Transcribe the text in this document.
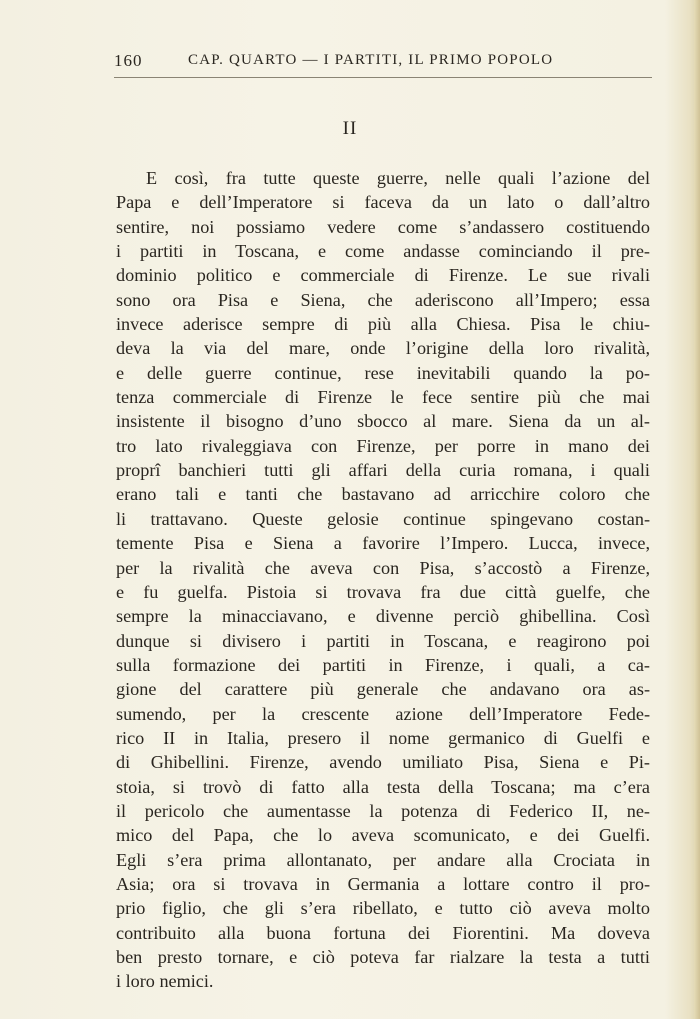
160	CAP. QUARTO — I PARTITI, IL PRIMO POPOLO
II
E così, fra tutte queste guerre, nelle quali l’azione del
Papa e dell’Imperatore si faceva da un lato o dall’altro
sentire, noi possiamo vedere come s’andassero costituendo
i partiti in Toscana, e come andasse cominciando il pre-
dominio politico e commerciale di Firenze. Le sue rivali
sono ora Pisa e Siena, che aderiscono all’Impero; essa
invece aderisce sempre di più alla Chiesa. Pisa le chiu-
deva la via del mare, onde l’origine della loro rivalità,
e delle guerre continue, rese inevitabili quando la po-
tenza commerciale di Firenze le fece sentire più che mai
insistente il bisogno d’uno sbocco al mare. Siena da un al-
tro lato rivaleggiava con Firenze, per porre in mano dei
proprî banchieri tutti gli affari della curia romana, i quali
erano tali e tanti che bastavano ad arricchire coloro che
li trattavano. Queste gelosie continue spingevano costan-
temente Pisa e Siena a favorire l’Impero. Lucca, invece,
per la rivalità che aveva con Pisa, s’accostò a Firenze,
e fu guelfa. Pistoia si trovava fra due città guelfe, che
sempre la minacciavano, e divenne perciò ghibellina. Così
dunque si divisero i partiti in Toscana, e reagirono poi
sulla formazione dei partiti in Firenze, i quali, a ca-
gione del carattere più generale che andavano ora as-
sumendo, per la crescente azione dell’Imperatore Fede-
rico II in Italia, presero il nome germanico di Guelfi e
di Ghibellini. Firenze, avendo umiliato Pisa, Siena e Pi-
stoia, si trovò di fatto alla testa della Toscana; ma c’era
il pericolo che aumentasse la potenza di Federico II, ne-
mico del Papa, che lo aveva scomunicato, e dei Guelfi.
Egli s’era prima allontanato, per andare alla Crociata in
Asia; ora si trovava in Germania a lottare contro il pro-
prio figlio, che gli s’era ribellato, e tutto ciò aveva molto
contribuito alla buona fortuna dei Fiorentini. Ma doveva
ben presto tornare, e ciò poteva far rialzare la testa a tutti
i loro nemici.
